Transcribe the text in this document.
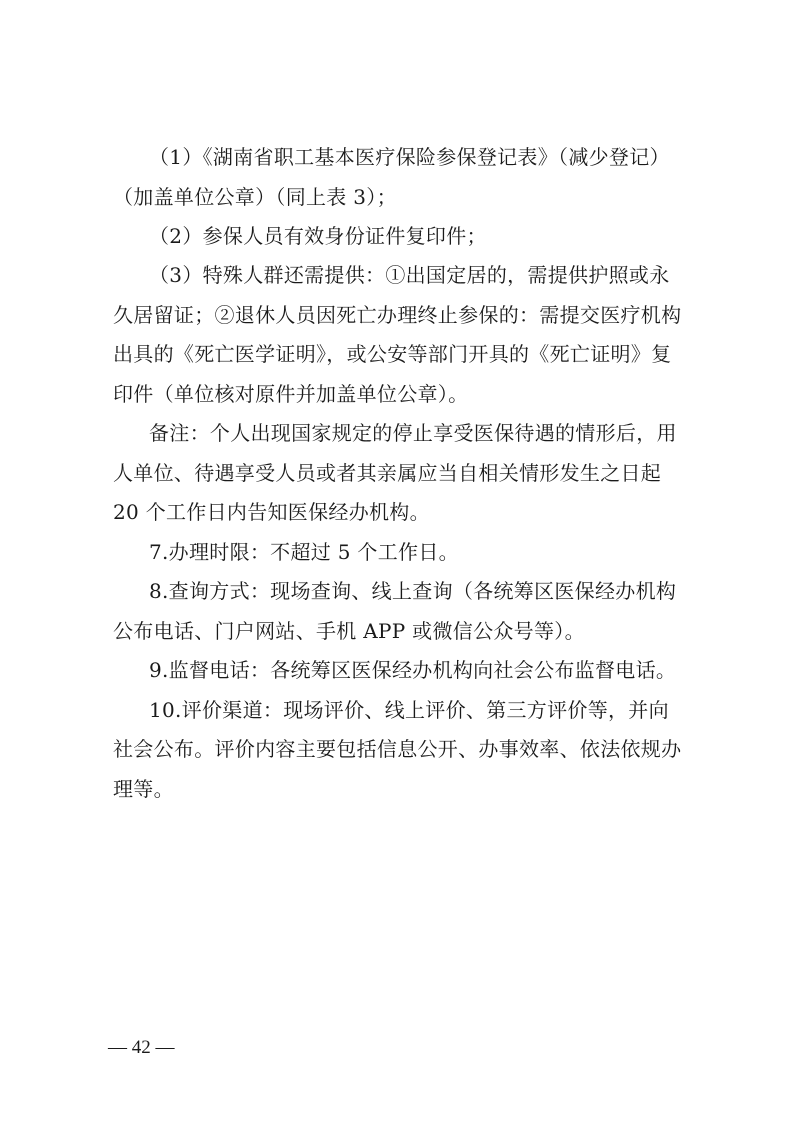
（1）《湖南省职工基本医疗保险参保登记表》（减少登记）
（加盖单位公章）（同上表 3）；
（2）参保人员有效身份证件复印件；
（3）特殊人群还需提供：①出国定居的，需提供护照或永
久居留证；②退休人员因死亡办理终止参保的：需提交医疗机构
出具的《死亡医学证明》，或公安等部门开具的《死亡证明》复
印件（单位核对原件并加盖单位公章）。
备注：个人出现国家规定的停止享受医保待遇的情形后，用
人单位、待遇享受人员或者其亲属应当自相关情形发生之日起
20 个工作日内告知医保经办机构。
7.办理时限：不超过 5 个工作日。
8.查询方式：现场查询、线上查询（各统筹区医保经办机构
公布电话、门户网站、手机 APP 或微信公众号等）。
9.监督电话：各统筹区医保经办机构向社会公布监督电话。
10.评价渠道：现场评价、线上评价、第三方评价等，并向
社会公布。评价内容主要包括信息公开、办事效率、依法依规办
理等。
— 42 —
